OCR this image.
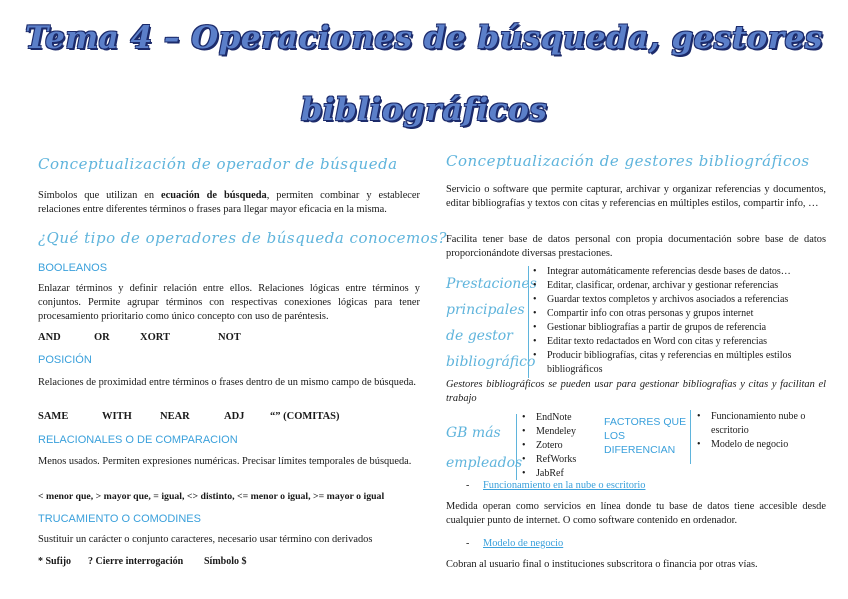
Tema 4 – Operaciones de búsqueda, gestores
bibliográficos
Conceptualización de operador de búsqueda
Símbolos que utilizan en ecuación de búsqueda, permiten combinar y establecer relaciones entre diferentes términos o frases para llegar mayor eficacia en la misma.
¿Qué tipo de operadores de búsqueda conocemos?
BOOLEANOS
Enlazar términos y definir relación entre ellos. Relaciones lógicas entre términos y conjuntos. Permite agrupar términos con respectivas conexiones lógicas para tener procesamiento prioritario como único concepto con uso de paréntesis.
AND	OR	XORT	NOT
POSICIÓN
Relaciones de proximidad entre términos o frases dentro de un mismo campo de búsqueda.
SAME	WITH	NEAR	ADJ “” (COMITAS)
RELACIONALES O DE COMPARACION
Menos usados. Permiten expresiones numéricas. Precisar límites temporales de búsqueda.
< menor que, > mayor que, = igual, <> distinto, <= menor o igual, >= mayor o igual
TRUCAMIENTO O COMODINES
Sustituir un carácter o conjunto caracteres, necesario usar término con derivados
* Sufijo ? Cierre interrogación Símbolo $
Conceptualización de gestores bibliográficos
Servicio o software que permite capturar, archivar y organizar referencias y documentos, editar bibliografías y textos con citas y referencias en múltiples estilos, compartir info, …
Facilita tener base de datos personal con propia documentación sobre base de datos proporcionándote diversas prestaciones.
Prestaciones
principales
de gestor
bibliográfico
• Integrar automáticamente referencias desde bases de datos…
• Editar, clasificar, ordenar, archivar y gestionar referencias
• Guardar textos completos y archivos asociados a referencias
• Compartir info con otras personas y grupos internet
• Gestionar bibliografías a partir de grupos de referencia
• Editar texto redactados en Word con citas y referencias
• Producir bibliografías, citas y referencias en múltiples estilos
bibliográficos
Gestores bibliográficos se pueden usar para gestionar bibliografías y citas y facilitan el trabajo
GB más
empleados
• EndNote
• Mendeley
• Zotero
• RefWorks
• JabRef
FACTORES QUE
LOS
DIFERENCIAN
• Funcionamiento nube o escritorio
• Modelo de negocio
- Funcionamiento en la nube o escritorio
Medida operan como servicios en línea donde tu base de datos tiene accesible desde cualquier punto de internet. O como software contenido en ordenador.
- Modelo de negocio
Cobran al usuario final o instituciones subscritora o financia por otras vías.
